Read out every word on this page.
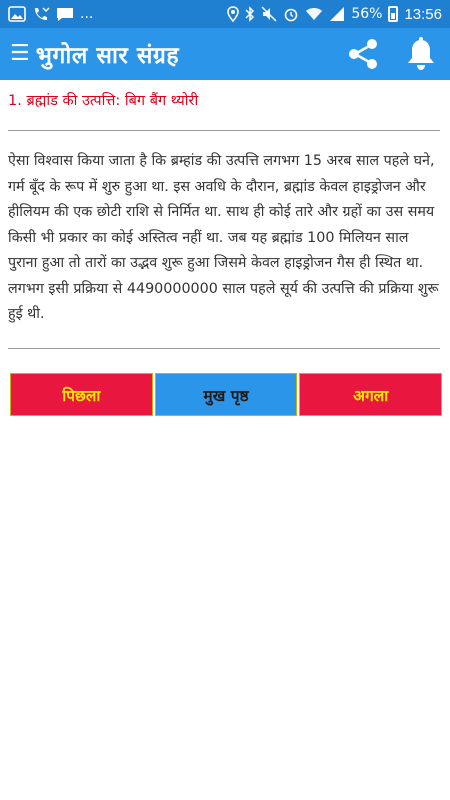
...	56% 13:56
☰ भुगोल सार संग्रह
1. ब्रह्मांड की उत्पत्ति: बिग बैंग थ्योरी
ऐसा विश्वास किया जाता है कि ब्रम्हांड की उत्पत्ति लगभग 15 अरब साल पहले घने, गर्म बूँद के रूप में शुरु हुआ था. इस अवधि के दौरान, ब्रह्मांड केवल हाइड्रोजन और हीलियम की एक छोटी राशि से निर्मित था. साथ ही कोई तारे और ग्रहों का उस समय किसी भी प्रकार का कोई अस्तित्व नहीं था. जब यह ब्रह्मांड 100 मिलियन साल पुराना हुआ तो तारों का उद्भव शुरू हुआ जिसमे केवल हाइड्रोजन गैस ही स्थित था. लगभग इसी प्रक्रिया से 4490000000 साल पहले सूर्य की उत्पत्ति की प्रक्रिया शुरू हुई थी.
पिछला	मुख पृष्ठ	अगला
